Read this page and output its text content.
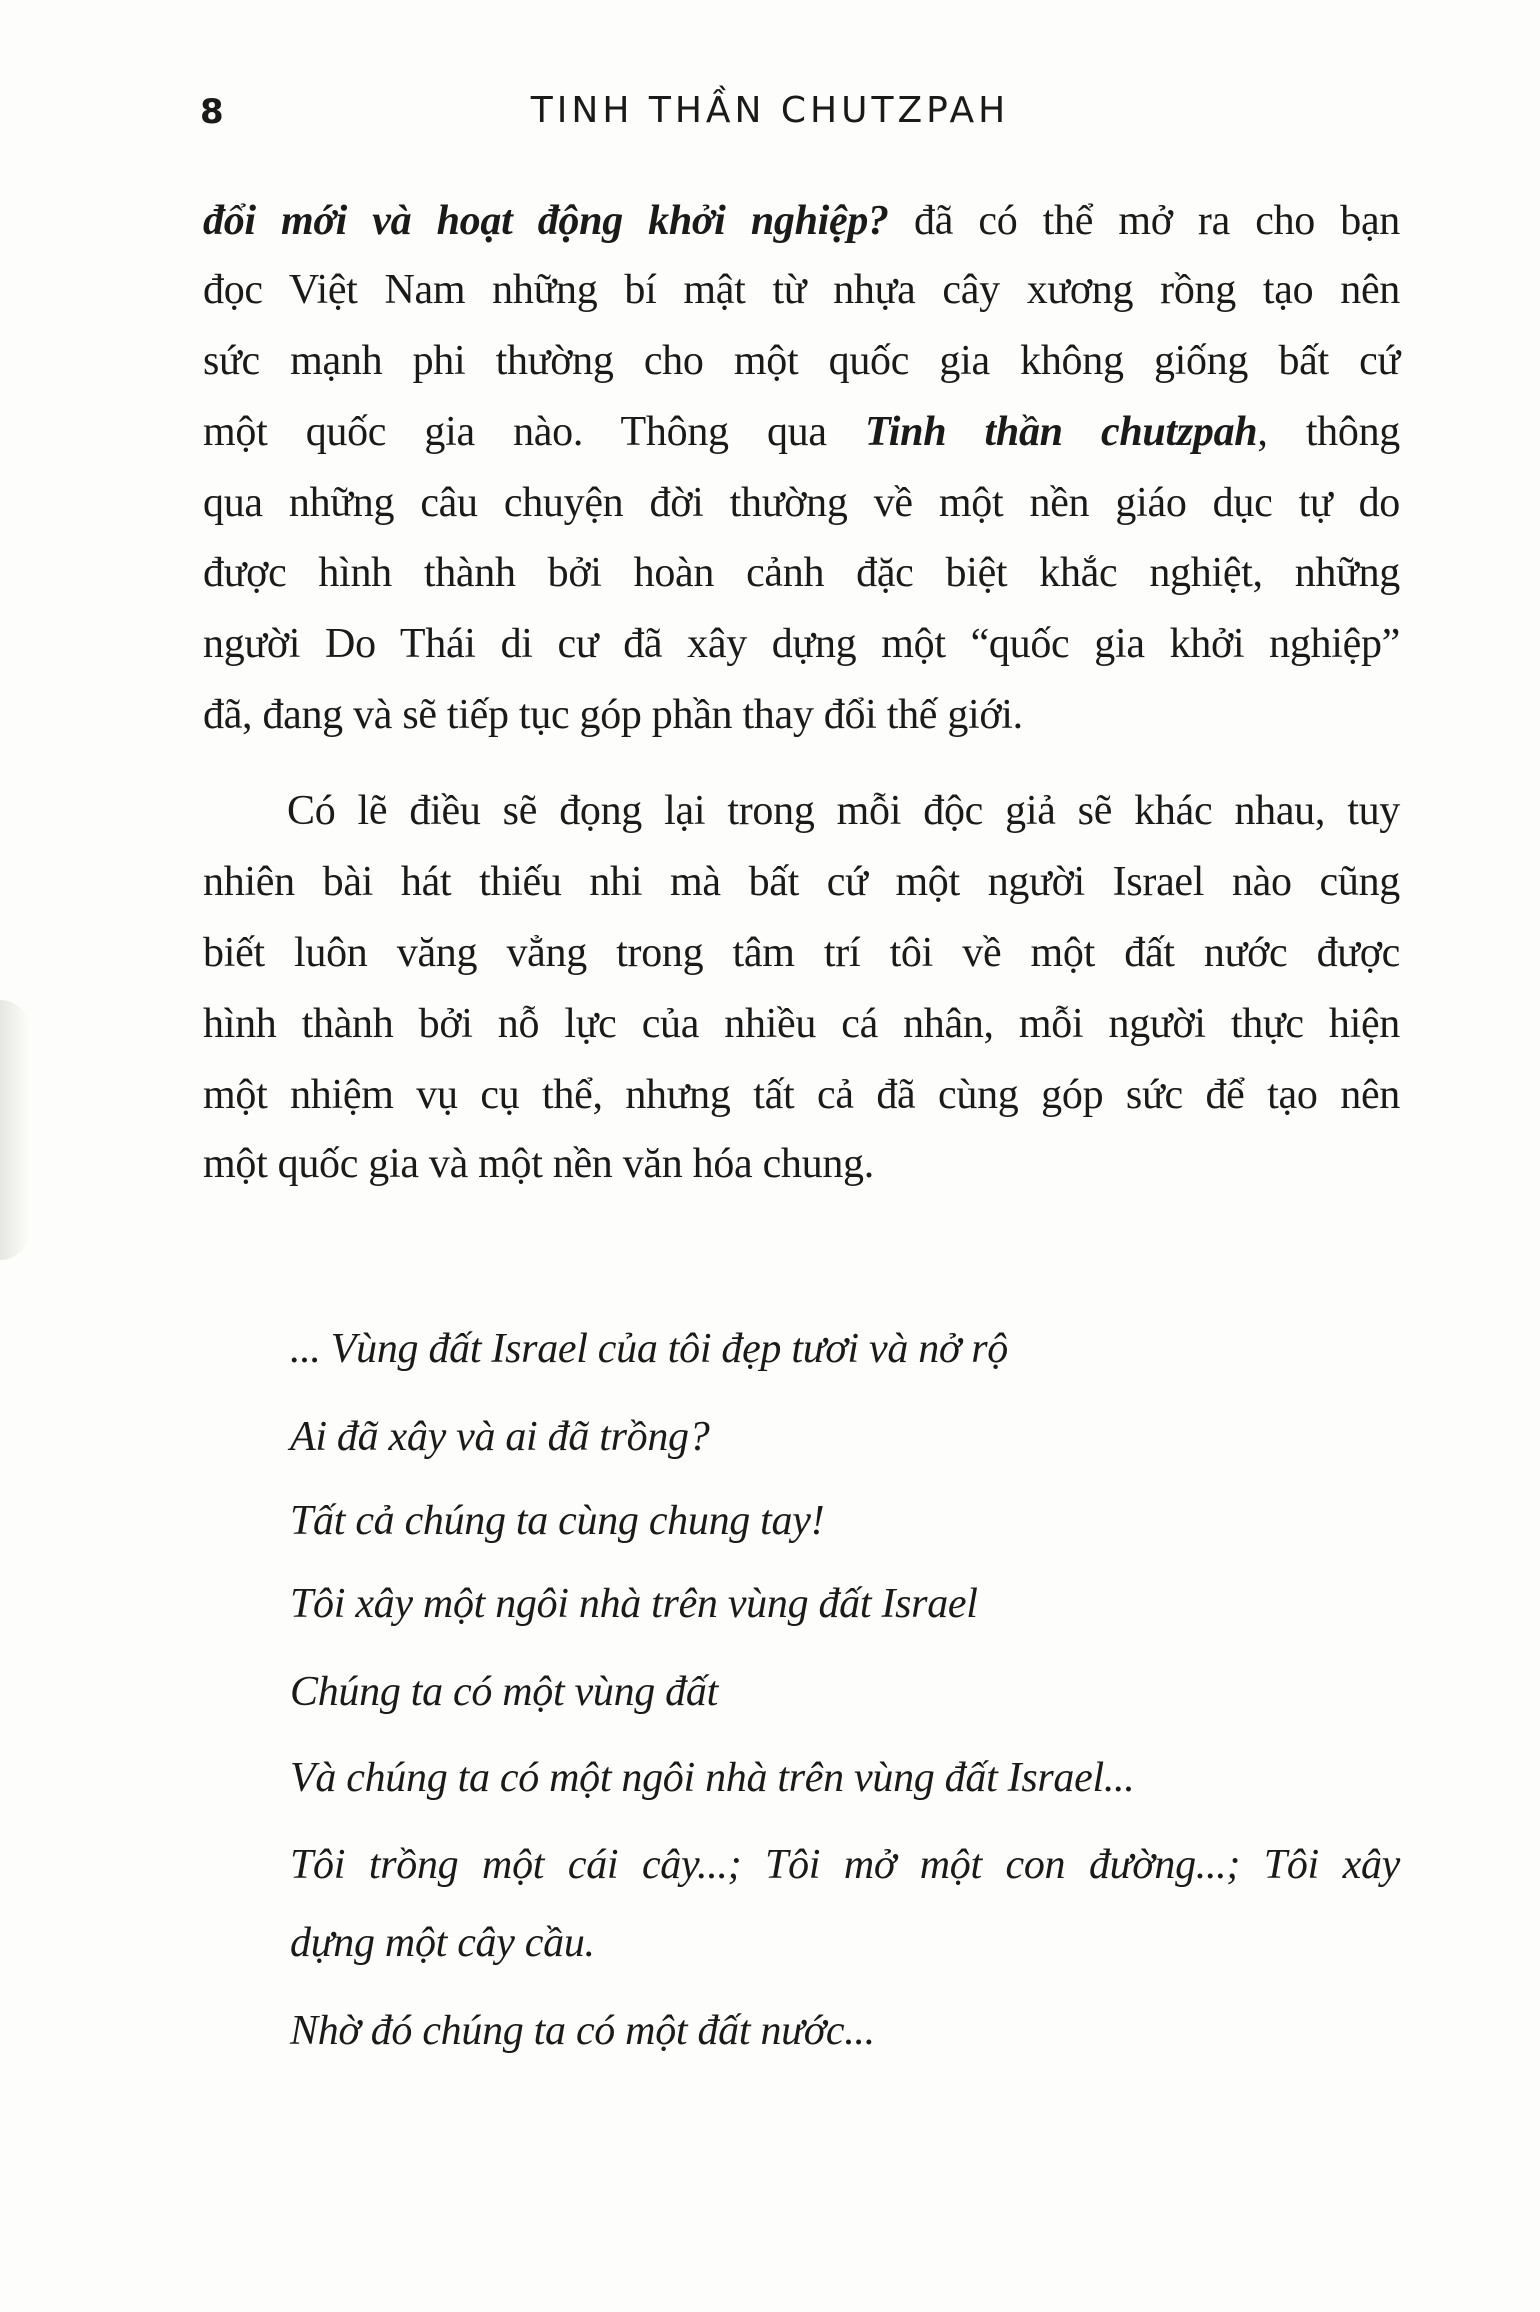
8	TINH THẦN CHUTZPAH
đổi mới và hoạt động khởi nghiệp? đã có thể mở ra cho bạn
đọc Việt Nam những bí mật từ nhựa cây xương rồng tạo nên
sức mạnh phi thường cho một quốc gia không giống bất cứ
một quốc gia nào. Thông qua Tinh thần chutzpah, thông
qua những câu chuyện đời thường về một nền giáo dục tự do
được hình thành bởi hoàn cảnh đặc biệt khắc nghiệt, những
người Do Thái di cư đã xây dựng một “quốc gia khởi nghiệp”
đã, đang và sẽ tiếp tục góp phần thay đổi thế giới.
Có lẽ điều sẽ đọng lại trong mỗi độc giả sẽ khác nhau, tuy
nhiên bài hát thiếu nhi mà bất cứ một người Israel nào cũng
biết luôn văng vẳng trong tâm trí tôi về một đất nước được
hình thành bởi nỗ lực của nhiều cá nhân, mỗi người thực hiện
một nhiệm vụ cụ thể, nhưng tất cả đã cùng góp sức để tạo nên
một quốc gia và một nền văn hóa chung.
... Vùng đất Israel của tôi đẹp tươi và nở rộ
Ai đã xây và ai đã trồng?
Tất cả chúng ta cùng chung tay!
Tôi xây một ngôi nhà trên vùng đất Israel
Chúng ta có một vùng đất
Và chúng ta có một ngôi nhà trên vùng đất Israel...
Tôi trồng một cái cây...; Tôi mở một con đường...; Tôi xây
dựng một cây cầu.
Nhờ đó chúng ta có một đất nước...
